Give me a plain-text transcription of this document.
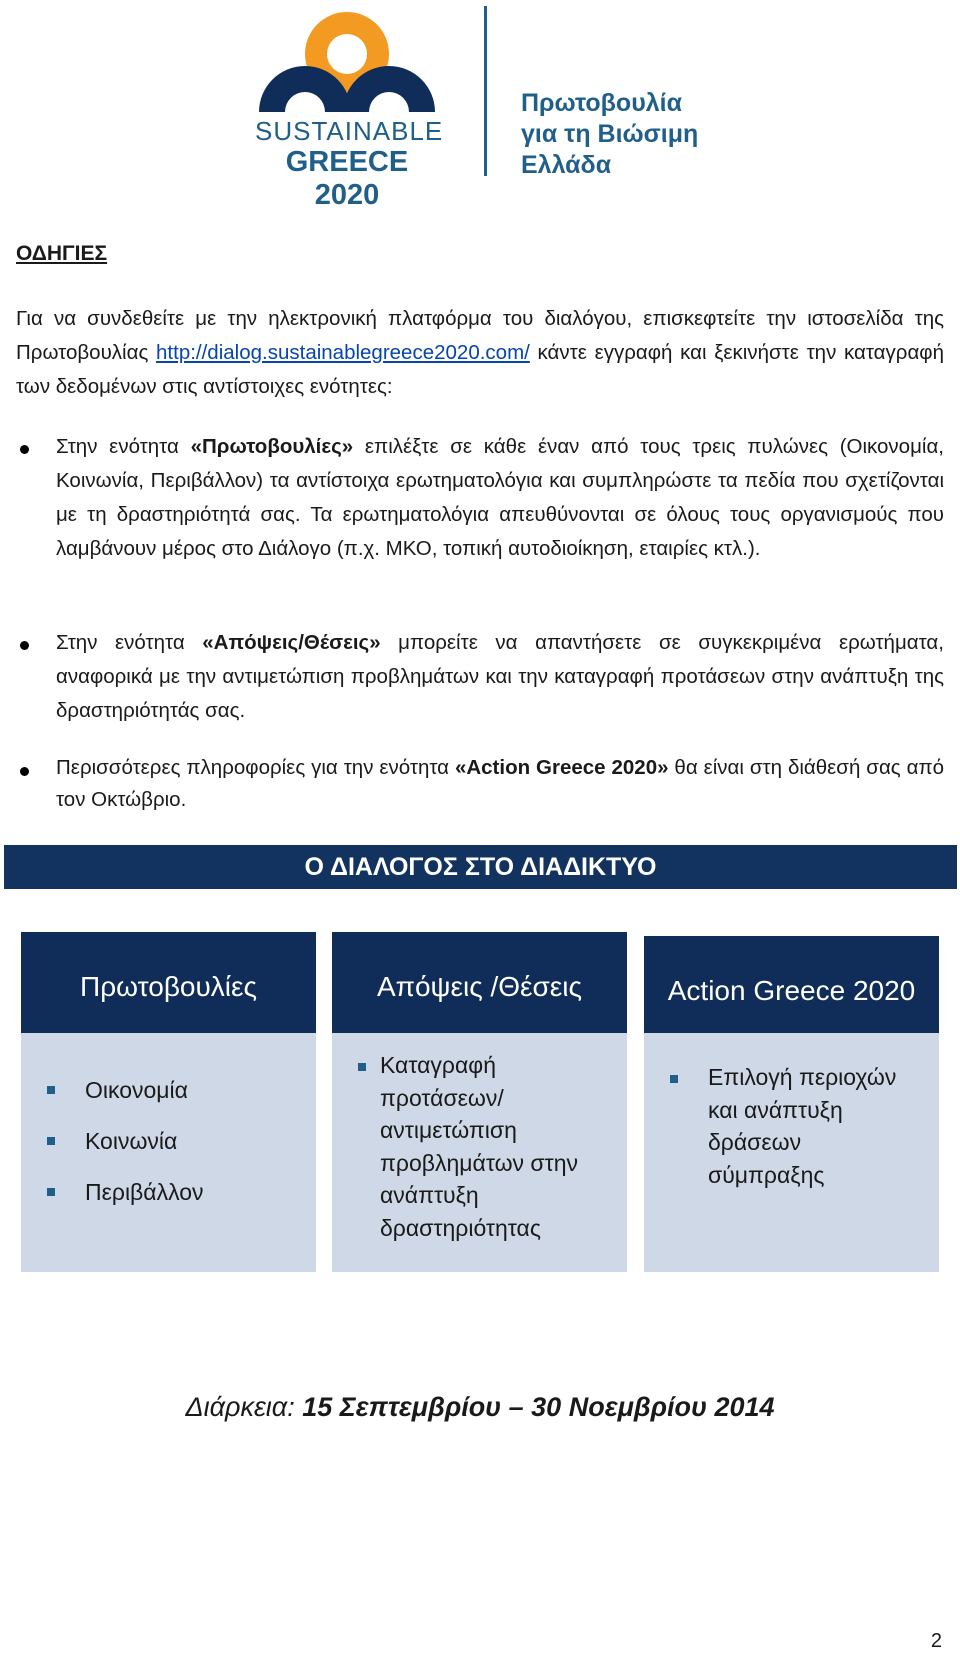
SUSTAINABLE
GREECE 2020
Πρωτοβουλία
για τη Βιώσιμη
Ελλάδα
ΟΔΗΓΙΕΣ
Για να συνδεθείτε με την ηλεκτρονική πλατφόρμα του διαλόγου, επισκεφτείτε την ιστοσελίδα της Πρωτοβουλίας http://dialog.sustainablegreece2020.com/ κάντε εγγραφή και ξεκινήστε την καταγραφή των δεδομένων στις αντίστοιχες ενότητες:
Στην ενότητα «Πρωτοβουλίες» επιλέξτε σε κάθε έναν από τους τρεις πυλώνες (Οικονομία, Κοινωνία, Περιβάλλον) τα αντίστοιχα ερωτηματολόγια και συμπληρώστε τα πεδία που σχετίζονται με τη δραστηριότητά σας. Τα ερωτηματολόγια απευθύνονται σε όλους τους οργανισμούς που λαμβάνουν μέρος στο Διάλογο (π.χ. ΜΚΟ, τοπική αυτοδιοίκηση, εταιρίες κτλ.).
Στην ενότητα «Απόψεις/Θέσεις» μπορείτε να απαντήσετε σε συγκεκριμένα ερωτήματα, αναφορικά με την αντιμετώπιση προβλημάτων και την καταγραφή προτάσεων στην ανάπτυξη της δραστηριότητάς σας.
Περισσότερες πληροφορίες για την ενότητα «Action Greece 2020» θα είναι στη διάθεσή σας από τον Οκτώβριο.
Ο ΔΙΑΛΟΓΟΣ ΣΤΟ ΔΙΑΔΙΚΤΥΟ
Πρωτοβουλίες
Οικονομία
Κοινωνία
Περιβάλλον
Απόψεις /Θέσεις
Καταγραφή προτάσεων/ αντιμετώπιση προβλημάτων στην ανάπτυξη δραστηριότητας
Action Greece 2020
Επιλογή περιοχών και ανάπτυξη δράσεων σύμπραξης
Διάρκεια: 15 Σεπτεμβρίου – 30 Νοεμβρίου 2014
2
